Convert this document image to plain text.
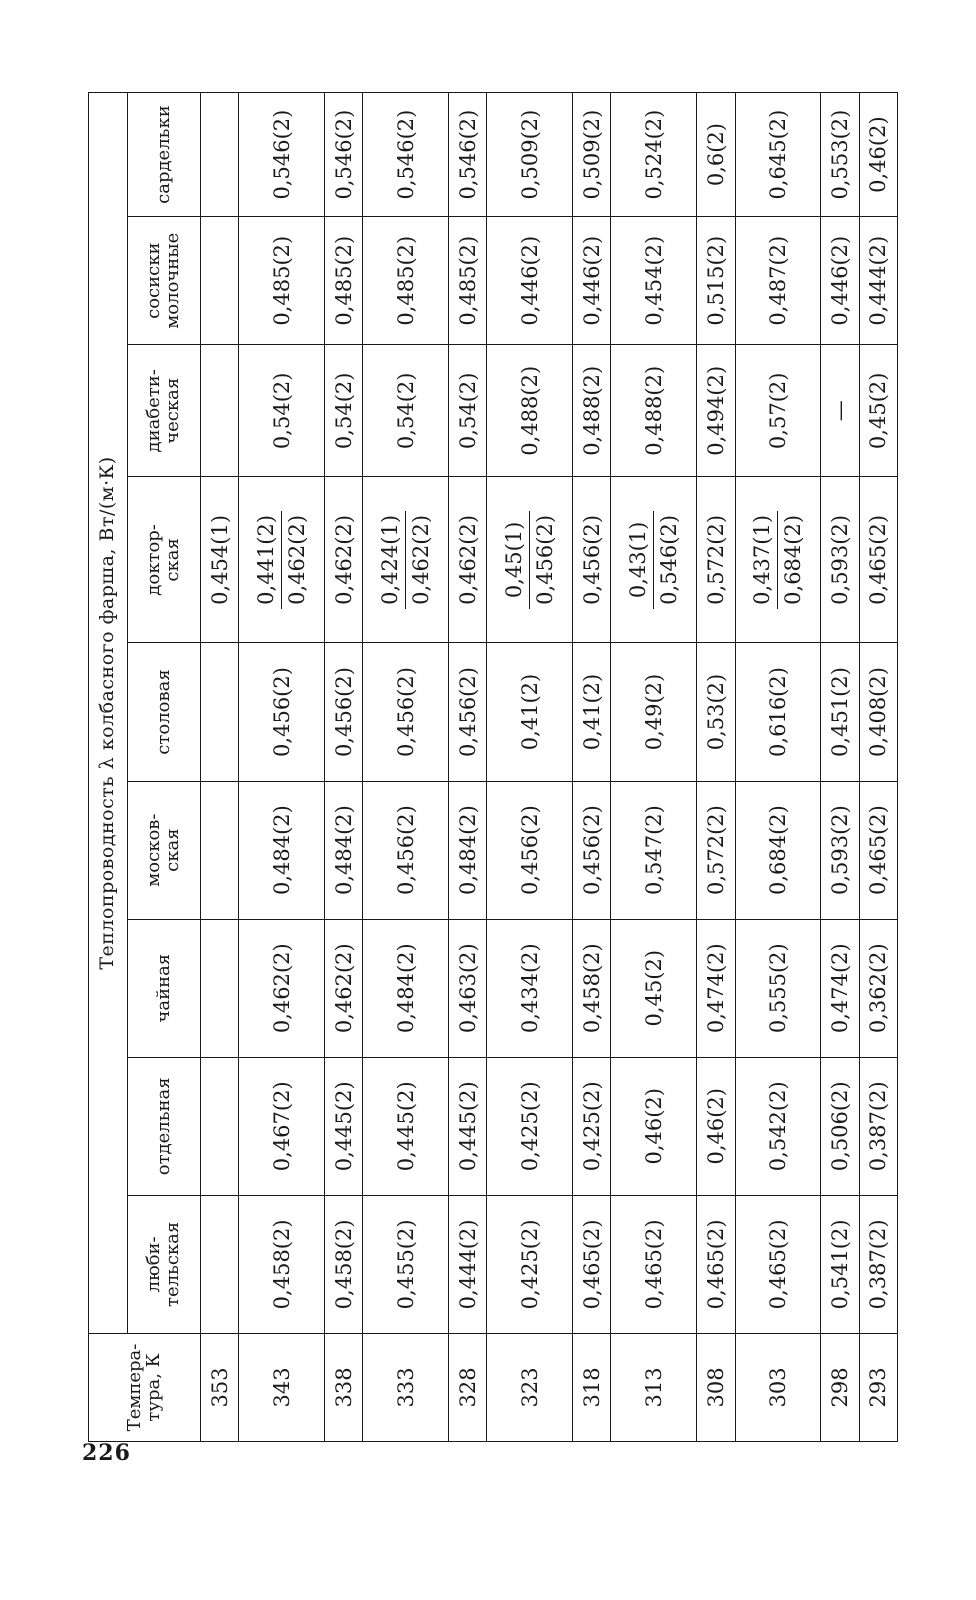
226
Темпера-
тура, К	Теплопроводность λ колбасного фарша, Вт/(м·К)								
	люби-
тельская	отдельная	чайная	москов-
ская	столовая	доктор-
ская	диабети-
ческая	сосиски
молочные	сардельки
353						0,454(1)			
343	0,458(2)	0,467(2)	0,462(2)	0,484(2)	0,456(2)	0,441(2) 0,462(2)	0,54(2)	0,485(2)	0,546(2)
338	0,458(2)	0,445(2)	0,462(2)	0,484(2)	0,456(2)	0,462(2)	0,54(2)	0,485(2)	0,546(2)
333	0,455(2)	0,445(2)	0,484(2)	0,456(2)	0,456(2)	0,424(1) 0,462(2)	0,54(2)	0,485(2)	0,546(2)
328	0,444(2)	0,445(2)	0,463(2)	0,484(2)	0,456(2)	0,462(2)	0,54(2)	0,485(2)	0,546(2)
323	0,425(2)	0,425(2)	0,434(2)	0,456(2)	0,41(2)	0,45(1) 0,456(2)	0,488(2)	0,446(2)	0,509(2)
318	0,465(2)	0,425(2)	0,458(2)	0,456(2)	0,41(2)	0,456(2)	0,488(2)	0,446(2)	0,509(2)
313	0,465(2)	0,46(2)	0,45(2)	0,547(2)	0,49(2)	0,43(1) 0,546(2)	0,488(2)	0,454(2)	0,524(2)
308	0,465(2)	0,46(2)	0,474(2)	0,572(2)	0,53(2)	0,572(2)	0,494(2)	0,515(2)	0,6(2)
303	0,465(2)	0,542(2)	0,555(2)	0,684(2)	0,616(2)	0,437(1) 0,684(2)	0,57(2)	0,487(2)	0,645(2)
298	0,541(2)	0,506(2)	0,474(2)	0,593(2)	0,451(2)	0,593(2)	—	0,446(2)	0,553(2)
293	0,387(2)	0,387(2)	0,362(2)	0,465(2)	0,408(2)	0,465(2)	0,45(2)	0,444(2)	0,46(2)
